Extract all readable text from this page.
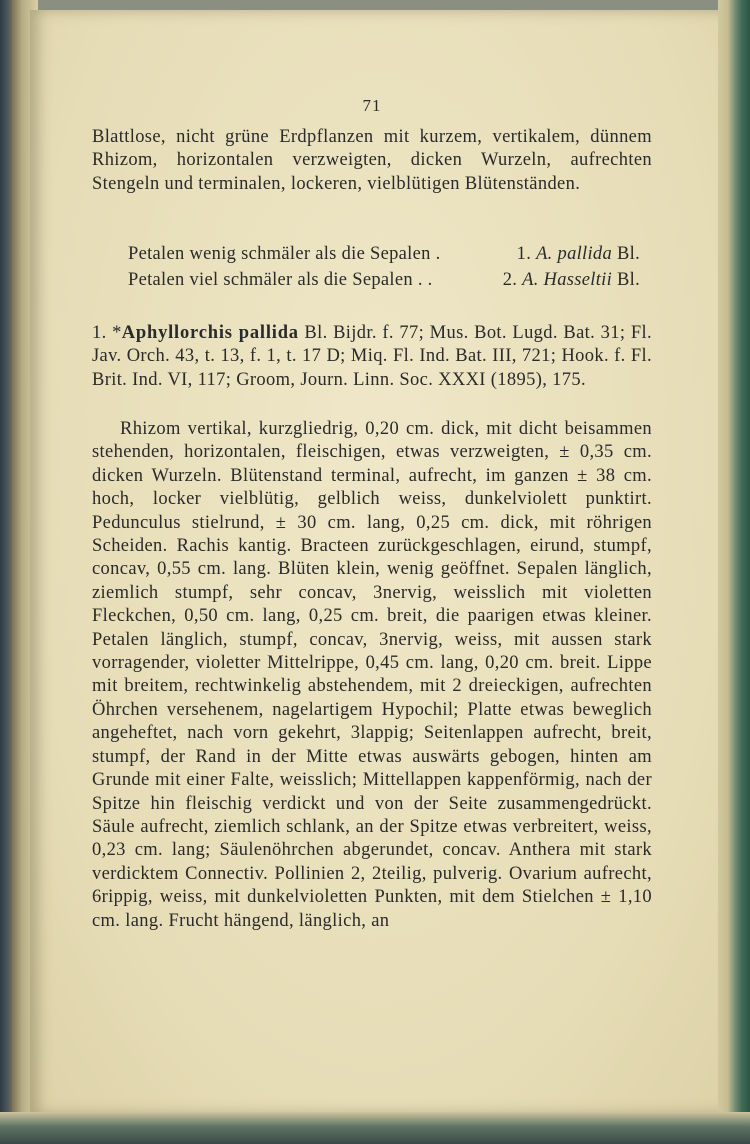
71
Blattlose, nicht grüne Erdpflanzen mit kurzem, vertikalem, dünnem Rhizom, horizontalen verzweigten, dicken Wurzeln, aufrechten Stengeln und terminalen, lockeren, vielblütigen Blütenständen.
Petalen wenig schmäler als die Sepalen .	1. A. pallida Bl.
Petalen viel schmäler als die Sepalen . .	2. A. Hasseltii Bl.
1. *Aphyllorchis pallida Bl. Bijdr. f. 77; Mus. Bot. Lugd. Bat. 31; Fl. Jav. Orch. 43, t. 13, f. 1, t. 17 D; Miq. Fl. Ind. Bat. III, 721; Hook. f. Fl. Brit. Ind. VI, 117; Groom, Journ. Linn. Soc. XXXI (1895), 175.
Rhizom vertikal, kurzgliedrig, 0,20 cm. dick, mit dicht beisammen stehenden, horizontalen, fleischigen, etwas verzweigten, ± 0,35 cm. dicken Wurzeln. Blütenstand terminal, aufrecht, im ganzen ± 38 cm. hoch, locker vielblütig, gelblich weiss, dunkelviolett punktirt. Pedunculus stielrund, ± 30 cm. lang, 0,25 cm. dick, mit röhrigen Scheiden. Rachis kantig. Bracteen zurückgeschlagen, eirund, stumpf, concav, 0,55 cm. lang. Blüten klein, wenig geöffnet. Sepalen länglich, ziemlich stumpf, sehr concav, 3nervig, weisslich mit violetten Fleckchen, 0,50 cm. lang, 0,25 cm. breit, die paarigen etwas kleiner. Petalen länglich, stumpf, concav, 3nervig, weiss, mit aussen stark vorragender, violetter Mittelrippe, 0,45 cm. lang, 0,20 cm. breit. Lippe mit breitem, rechtwinkelig abstehendem, mit 2 dreieckigen, aufrechten Öhrchen versehenem, nagelartigem Hypochil; Platte etwas beweglich angeheftet, nach vorn gekehrt, 3lappig; Seitenlappen aufrecht, breit, stumpf, der Rand in der Mitte etwas auswärts gebogen, hinten am Grunde mit einer Falte, weisslich; Mittellappen kappenförmig, nach der Spitze hin fleischig verdickt und von der Seite zusammengedrückt. Säule aufrecht, ziemlich schlank, an der Spitze etwas verbreitert, weiss, 0,23 cm. lang; Säulenöhrchen abgerundet, concav. Anthera mit stark verdicktem Connectiv. Pollinien 2, 2teilig, pulverig. Ovarium aufrecht, 6rippig, weiss, mit dunkelvioletten Punkten, mit dem Stielchen ± 1,10 cm. lang. Frucht hängend, länglich, an
